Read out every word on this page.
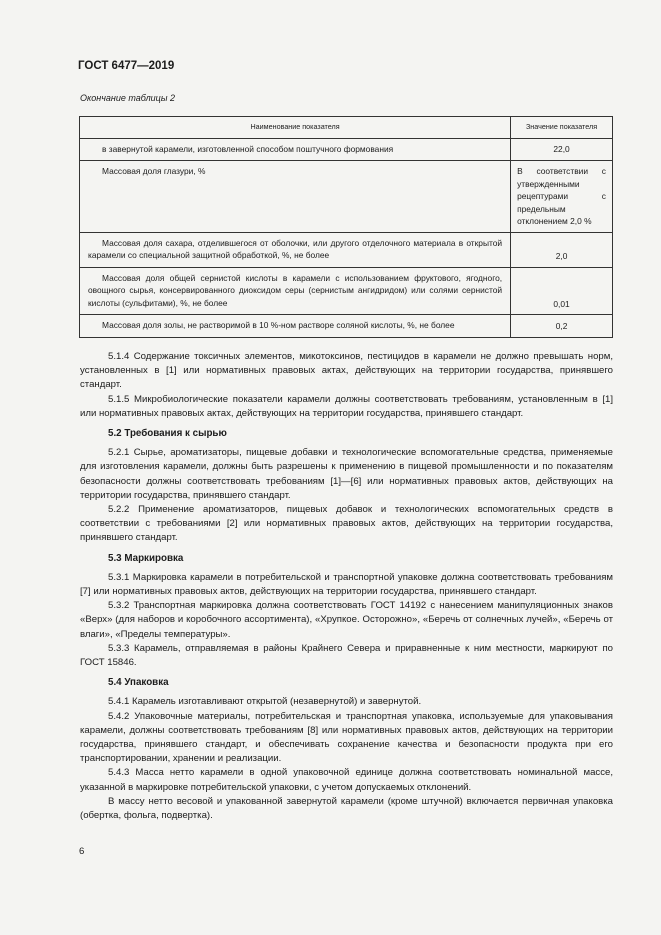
ГОСТ 6477—2019
Окончание таблицы 2
Наименование показателя	Значение показателя

в завернутой карамели, изготовленной способом поштучного формования	22,0

Массовая доля глазури, %	В соответствии с утвержденными рецептурами с предельным отклонением 2,0 %

Массовая доля сахара, отделившегося от оболочки, или другого отделочного материала в открытой карамели со специальной защитной обработкой, %, не более	2,0

Массовая доля общей сернистой кислоты в карамели с использованием фруктового, ягодного, овощного сырья, консервированного диоксидом серы (сернистым ангидридом) или солями сернистой кислоты (сульфитами), %, не более	0,01

Массовая доля золы, не растворимой в 10 %-ном растворе соляной кислоты, %, не более	0,2

5.1.4 Содержание токсичных элементов, микотоксинов, пестицидов в карамели не должно превышать норм, установленных в [1] или нормативных правовых актах, действующих на территории государства, принявшего стандарт.

5.1.5 Микробиологические показатели карамели должны соответствовать требованиям, установленным в [1] или нормативных правовых актах, действующих на территории государства, принявшего стандарт.

5.2 Требования к сырью

5.2.1 Сырье, ароматизаторы, пищевые добавки и технологические вспомогательные средства, применяемые для изготовления карамели, должны быть разрешены к применению в пищевой промышленности и по показателям безопасности должны соответствовать требованиям [1]—[6] или нормативных правовых актов, действующих на территории государства, принявшего стандарт.

5.2.2 Применение ароматизаторов, пищевых добавок и технологических вспомогательных средств в соответствии с требованиями [2] или нормативных правовых актов, действующих на территории государства, принявшего стандарт.

5.3 Маркировка

5.3.1 Маркировка карамели в потребительской и транспортной упаковке должна соответствовать требованиям [7] или нормативных правовых актов, действующих на территории государства, принявшего стандарт.

5.3.2 Транспортная маркировка должна соответствовать ГОСТ 14192 с нанесением манипуляционных знаков «Верх» (для наборов и коробочного ассортимента), «Хрупкое. Осторожно», «Беречь от солнечных лучей», «Беречь от влаги», «Пределы температуры».

5.3.3 Карамель, отправляемая в районы Крайнего Севера и приравненные к ним местности, маркируют по ГОСТ 15846.

5.4 Упаковка

5.4.1 Карамель изготавливают открытой (незавернутой) и завернутой.

5.4.2 Упаковочные материалы, потребительская и транспортная упаковка, используемые для упаковывания карамели, должны соответствовать требованиям [8] или нормативных правовых актов, действующих на территории государства, принявшего стандарт, и обеспечивать сохранение качества и безопасности продукта при его транспортировании, хранении и реализации.

5.4.3 Масса нетто карамели в одной упаковочной единице должна соответствовать номинальной массе, указанной в маркировке потребительской упаковки, с учетом допускаемых отклонений.

В массу нетто весовой и упакованной завернутой карамели (кроме штучной) включается первичная упаковка (обертка, фольга, подвертка).

6
